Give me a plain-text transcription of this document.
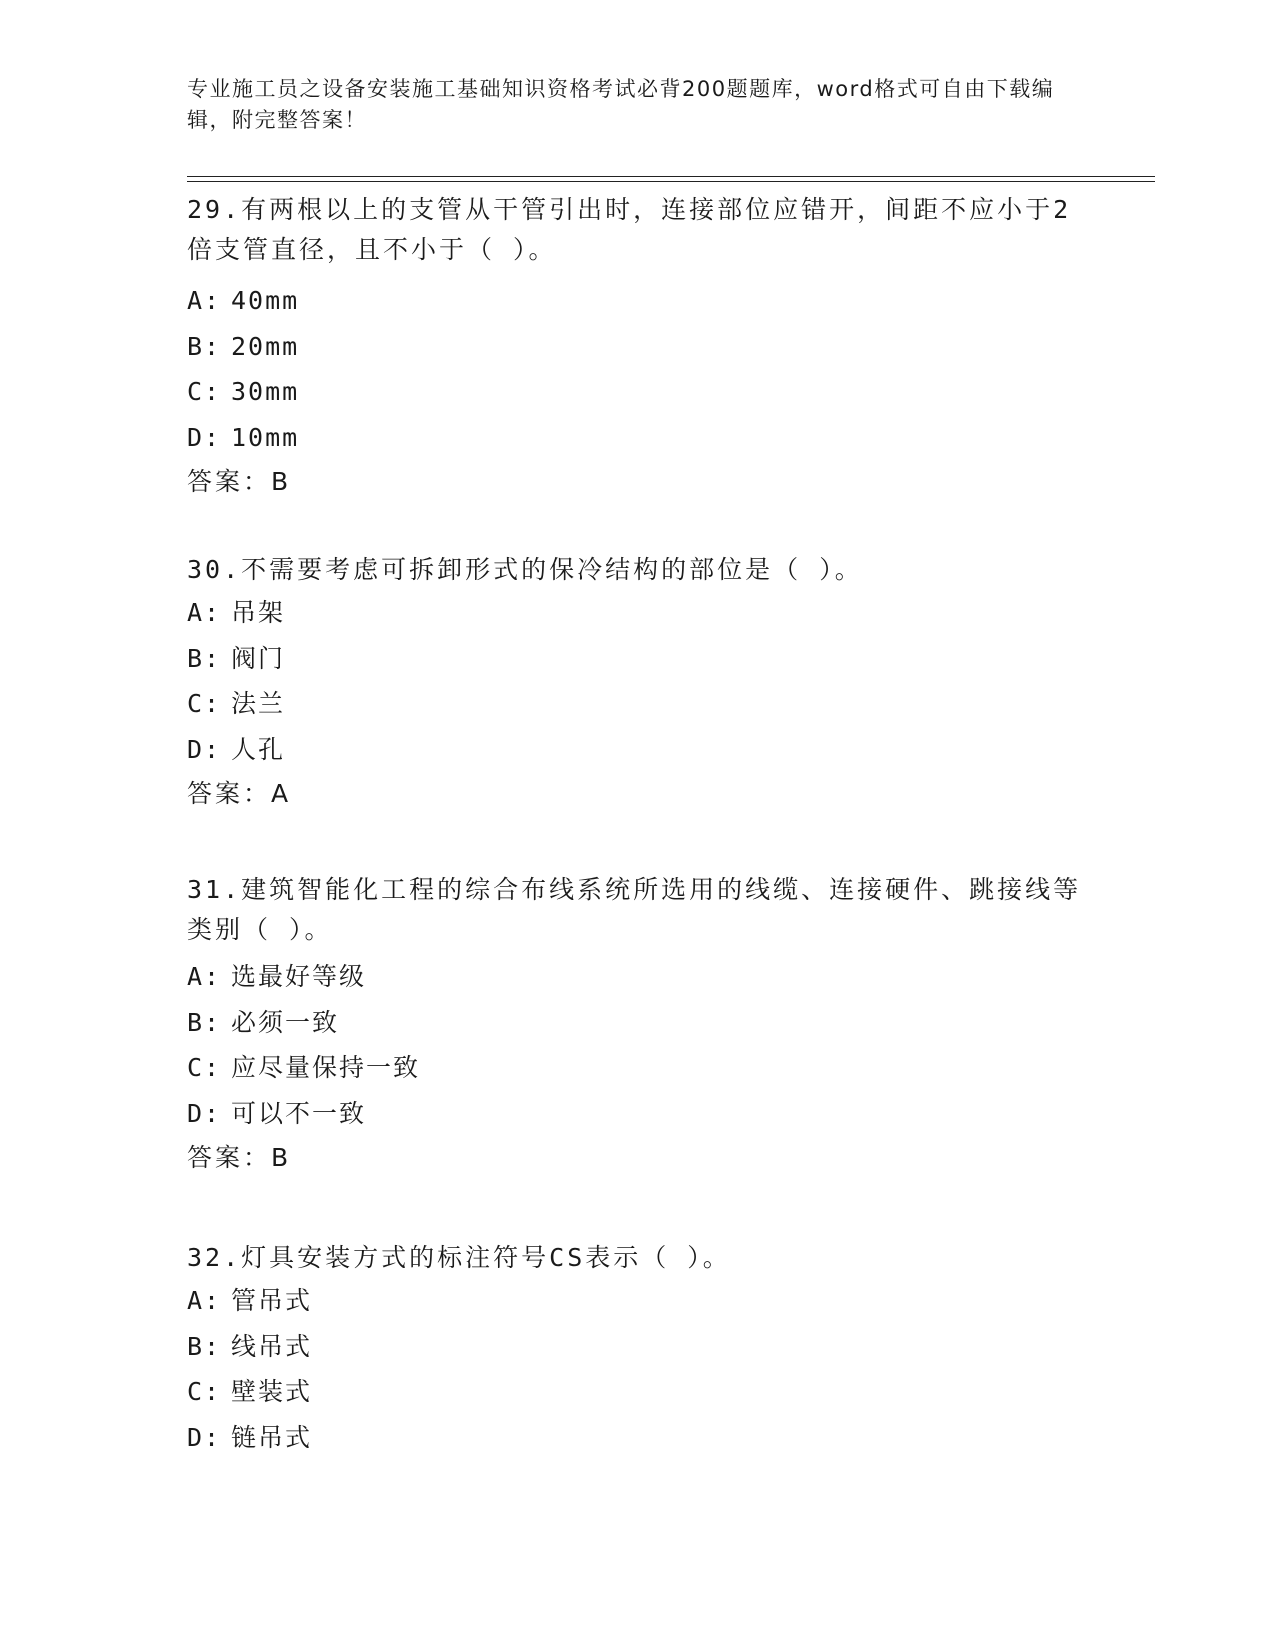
专业施工员之设备安装施工基础知识资格考试必背200题题库，word格式可自由下载编辑，附完整答案！

29.有两根以上的支管从干管引出时，连接部位应错开，间距不应小于2倍支管直径，且不小于（ ）。

A: 40mm

B: 20mm

C: 30mm

D: 10mm

答案：B

30.不需要考虑可拆卸形式的保冷结构的部位是（ ）。

A: 吊架

B: 阀门

C: 法兰

D: 人孔

答案：A

31.建筑智能化工程的综合布线系统所选用的线缆、连接硬件、跳接线等类别（ ）。

A: 选最好等级

B: 必须一致

C: 应尽量保持一致

D: 可以不一致

答案：B

32.灯具安装方式的标注符号CS表示（ ）。

A: 管吊式

B: 线吊式

C: 壁装式

D: 链吊式
